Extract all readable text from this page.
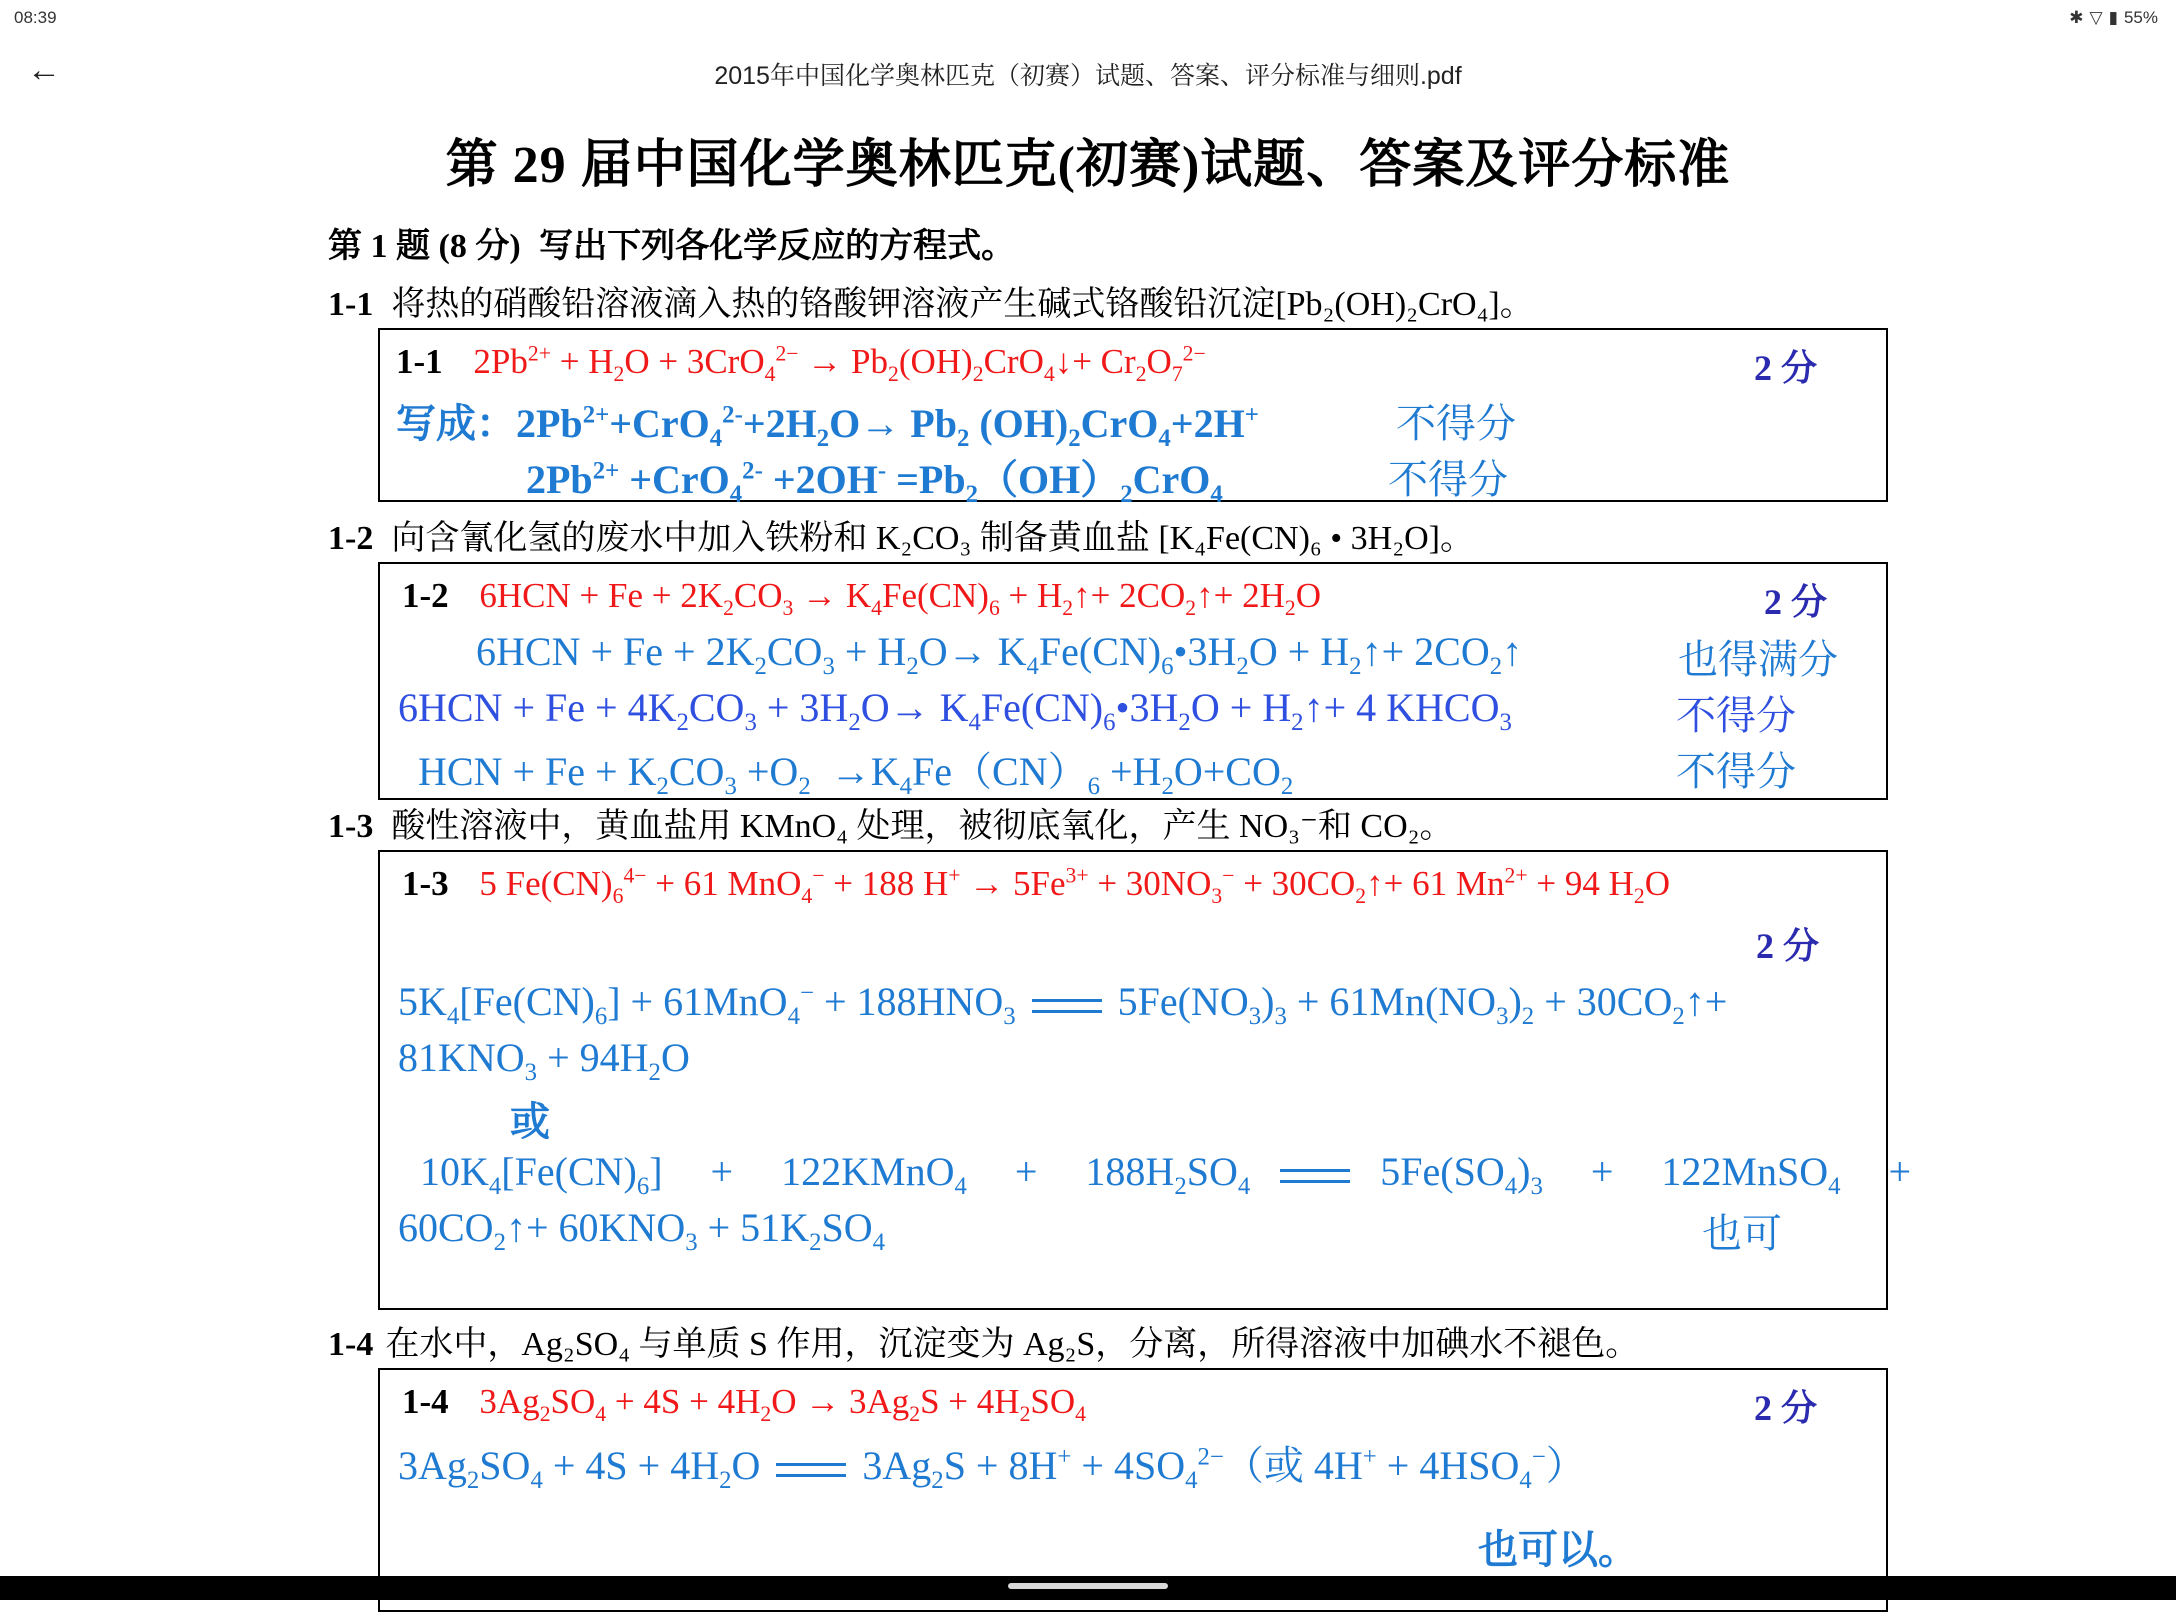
08:39	✱ ▽ ▮ 55%
←	2015年中国化学奥林匹克（初赛）试题、答案、评分标准与细则.pdf
第 29 届中国化学奥林匹克(初赛)试题、答案及评分标准
第 1 题 (8 分) 写出下列各化学反应的方程式。
1-1 将热的硝酸铅溶液滴入热的铬酸钾溶液产生碱式铬酸铅沉淀[Pb₂(OH)₂CrO₄]。
1-1 $2Pb^{2+} + H_2O + 3CrO_4^{2-}$ → $Pb_2(OH)_2CrO_4↓+ Cr_2O_7^{2-}$	2 分
写成：$2Pb^{2+}+CrO_4^{2-}+2H_2O\to Pb_2$ $(OH)_2CrO_4+2H^+$	不得分
$2Pb^{2+} +CrO_4^{2-} +2OH^- =Pb_2(OH)_2CrO_4$	不得分
1-2 向含氰化氢的废水中加入铁粉和 K₂CO₃ 制备黄血盐 [K₄Fe(CN)₆ • 3H₂O]。
1-2 $6HCN + Fe + 2K_2CO_3 \to K_4Fe(CN)_6$ + $H_2↑+$ $2CO_2↑+ 2H_2O$	2 分
$6HCN + Fe + 2K_2CO_3 + H_2O\to$ $K_4Fe(CN)_6•3H_2O$ + $H_2↑+$ $2CO_2↑$	也得满分
$6HCN + Fe + 4K_2CO_3 + 3H_2O\to$ $K_4Fe(CN)_6•3H_2O$ + $H_2↑+ 4$ $KHCO_3$	不得分
HCN + $Fe + K_2CO_3 +O_2 \to K_4Fe(CN)_6 +H_2O+CO_2$	不得分
1-3 酸性溶液中，黄血盐用 KMnO₄ 处理，被彻底氧化，产生 NO₃⁻和 CO₂。
1-3 5 $Fe(CN)_6^{4-} + 61$ MnO$_4$− + 188 $H^+ \to 5Fe^{3+} + 30NO_3^-$ + $30CO_2↑+ 61$ $Mn^{2+} + 94$ $H_2O$
2 分
$5K_4[Fe(CN)_6] + 61MnO_4^- + 188HNO_3$  $5Fe(NO_3)_3 + 61Mn(NO_3)_2$ + $30CO_2↑+$
$81KNO_3 + 94H_2O$
或
$10K_4[Fe(CN)_6]$  +  122KMnO$_4$  +  $188H_2SO_4$	$5Fe(SO_4)_3$  +  122MnSO$_4$  +
$60CO_2↑+ 60KNO_3 + 51K_2SO_4$	也可
1-4 在水中，Ag₂SO₄ 与单质 S 作用，沉淀变为 Ag₂S，分离，所得溶液中加碘水不褪色。
1-4 $3Ag_2SO_4 + 4S + 4H_2O \to 3Ag_2S + 4H_2SO_4$	2 分
$3Ag_2SO_4 + 4S + 4H_2O$  $3Ag_2S + 8H^+ + 4SO_4^{2-}$（或 $4H^+ + 4HSO_4^-$）
也可以。
